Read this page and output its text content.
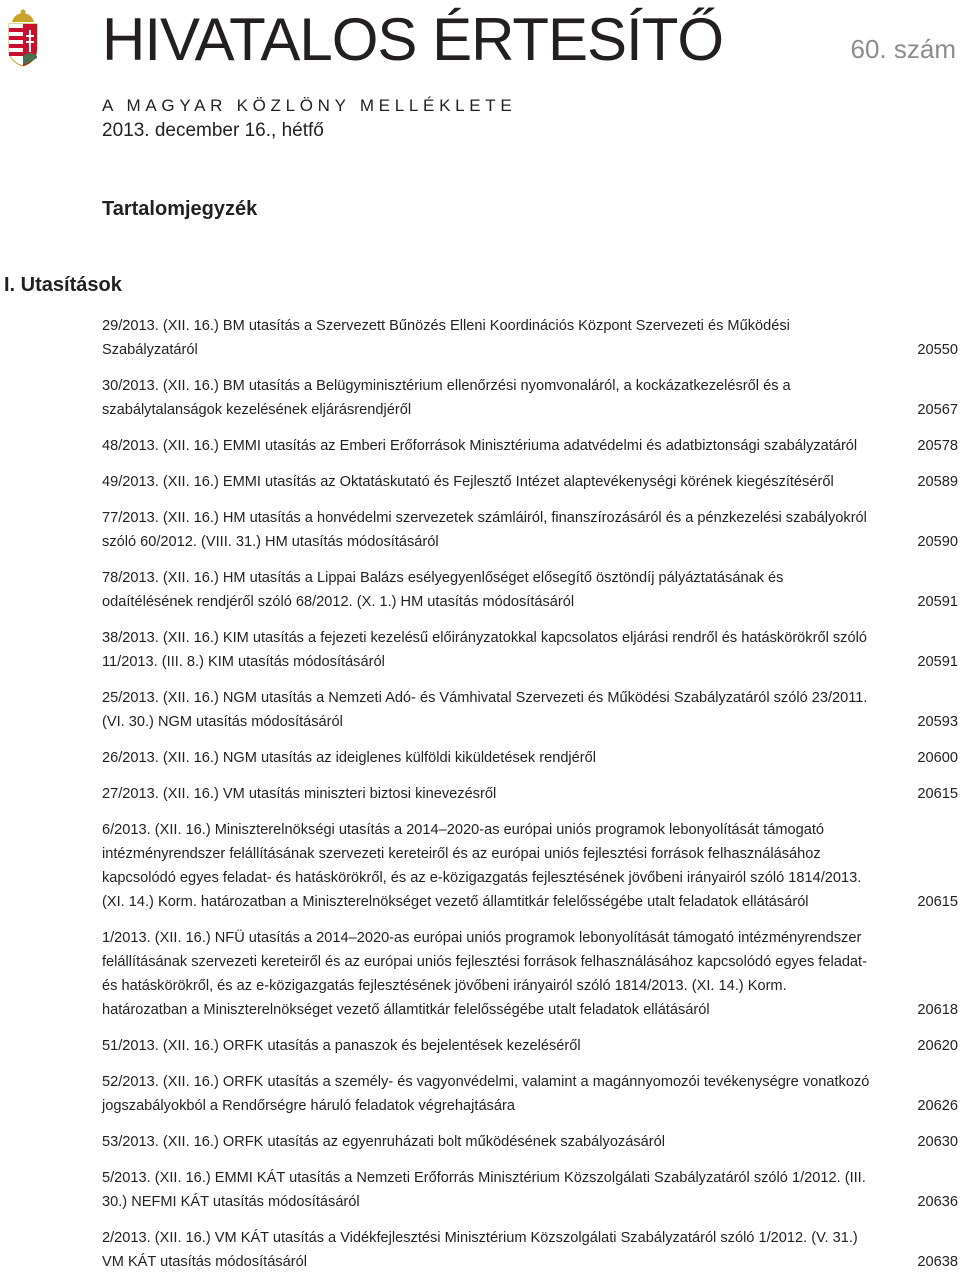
HIVATALOS ÉRTESÍTŐ	60. szám
A MAGYAR KÖZLÖNY MELLÉKLETE
2013. december 16., hétfő
Tartalomjegyzék
I. Utasítások
29/2013. (XII. 16.) BM utasítás a Szervezett Bűnözés Elleni Koordinációs Központ Szervezeti és Működési Szabályzatáról	20550
30/2013. (XII. 16.) BM utasítás a Belügyminisztérium ellenőrzési nyomvonaláról, a kockázatkezelésről és a szabálytalanságok kezelésének eljárásrendjéről	20567
48/2013. (XII. 16.) EMMI utasítás az Emberi Erőforrások Minisztériuma adatvédelmi és adatbiztonsági szabályzatáról	20578
49/2013. (XII. 16.) EMMI utasítás az Oktatáskutató és Fejlesztő Intézet alaptevékenységi körének kiegészítéséről	20589
77/2013. (XII. 16.) HM utasítás a honvédelmi szervezetek számláiról, finanszírozásáról és a pénzkezelési szabályokról szóló 60/2012. (VIII. 31.) HM utasítás módosításáról	20590
78/2013. (XII. 16.) HM utasítás a Lippai Balázs esélyegyenlőséget elősegítő ösztöndíj pályáztatásának és odaítélésének rendjéről szóló 68/2012. (X. 1.) HM utasítás módosításáról	20591
38/2013. (XII. 16.) KIM utasítás a fejezeti kezelésű előirányzatokkal kapcsolatos eljárási rendről és hatáskörökről szóló 11/2013. (III. 8.) KIM utasítás módosításáról	20591
25/2013. (XII. 16.) NGM utasítás a Nemzeti Adó- és Vámhivatal Szervezeti és Működési Szabályzatáról szóló 23/2011. (VI. 30.) NGM utasítás módosításáról	20593
26/2013. (XII. 16.) NGM utasítás az ideiglenes külföldi kiküldetések rendjéről	20600
27/2013. (XII. 16.) VM utasítás miniszteri biztosi kinevezésről	20615
6/2013. (XII. 16.) Miniszterelnökségi utasítás a 2014–2020-as európai uniós programok lebonyolítását támogató intézményrendszer felállításának szervezeti kereteiről és az európai uniós fejlesztési források felhasználásához kapcsolódó egyes feladat- és hatáskörökről, és az e-közigazgatás fejlesztésének jövőbeni irányairól szóló 1814/2013. (XI. 14.) Korm. határozatban a Miniszterelnökséget vezető államtitkár felelősségébe utalt feladatok ellátásáról	20615
1/2013. (XII. 16.) NFÜ utasítás a 2014–2020-as európai uniós programok lebonyolítását támogató intézményrendszer felállításának szervezeti kereteiről és az európai uniós fejlesztési források felhasználásához kapcsolódó egyes feladat- és hatáskörökről, és az e-közigazgatás fejlesztésének jövőbeni irányairól szóló 1814/2013. (XI. 14.) Korm. határozatban a Miniszterelnökséget vezető államtitkár felelősségébe utalt feladatok ellátásáról	20618
51/2013. (XII. 16.) ORFK utasítás a panaszok és bejelentések kezeléséről	20620
52/2013. (XII. 16.) ORFK utasítás a személy- és vagyonvédelmi, valamint a magánnyomozói tevékenységre vonatkozó jogszabályokból a Rendőrségre háruló feladatok végrehajtására	20626
53/2013. (XII. 16.) ORFK utasítás az egyenruházati bolt működésének szabályozásáról	20630
5/2013. (XII. 16.) EMMI KÁT utasítás a Nemzeti Erőforrás Minisztérium Közszolgálati Szabályzatáról szóló 1/2012. (III. 30.) NEFMI KÁT utasítás módosításáról	20636
2/2013. (XII. 16.) VM KÁT utasítás a Vidékfejlesztési Minisztérium Közszolgálati Szabályzatáról szóló 1/2012. (V. 31.) VM KÁT utasítás módosításáról	20638
